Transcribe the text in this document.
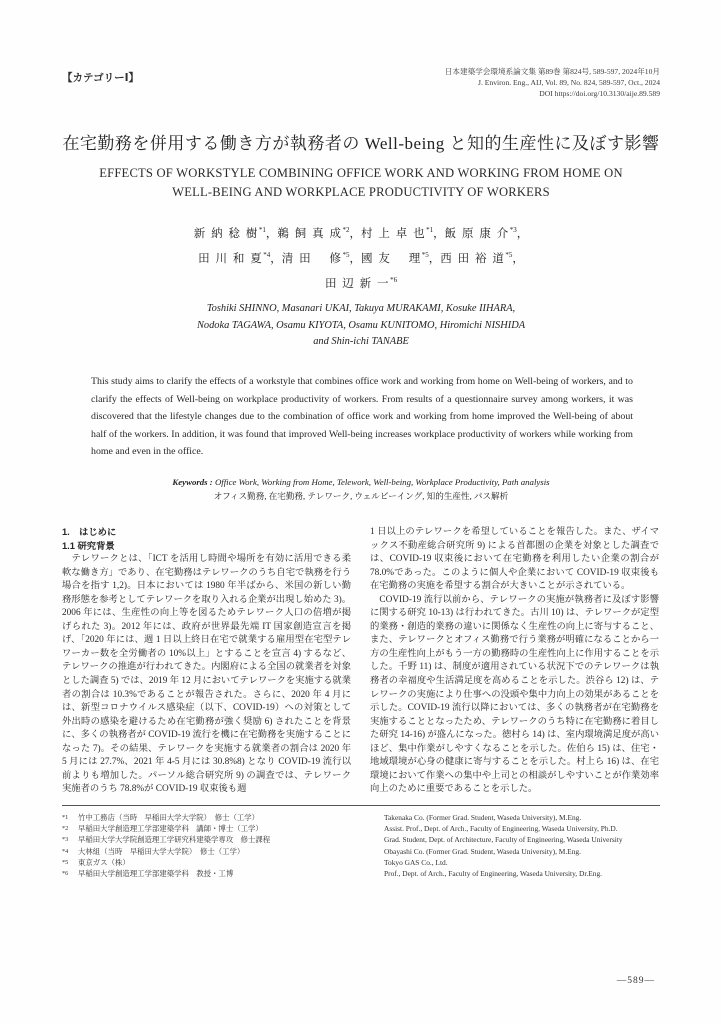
【カテゴリーⅠ】
日本建築学会環境系論文集 第89巻 第824号, 589-597, 2024年10月
J. Environ. Eng., AIJ, Vol. 89, No. 824, 589-597, Oct., 2024
DOI https://doi.org/10.3130/aije.89.589
在宅勤務を併用する働き方が執務者の Well-being と知的生産性に及ぼす影響
EFFECTS OF WORKSTYLE COMBINING OFFICE WORK AND WORKING FROM HOME ON
WELL-BEING AND WORKPLACE PRODUCTIVITY OF WORKERS
新 納 稔 樹$^{*1}$，鵜 飼 真 成$^{*2}$，村 上 卓 也$^{*1}$，飯 原 康 介$^{*3}$，
田 川 和 夏$^{*4}$，清 田　 修$^{*5}$，國 友　 理$^{*5}$，西 田 裕 道$^{*5}$，
田 辺 新 一$^{*6}$
Toshiki SHINNO, Masanari UKAI, Takuya MURAKAMI, Kosuke IIHARA,
Nodoka TAGAWA, Osamu KIYOTA, Osamu KUNITOMO, Hiromichi NISHIDA
and Shin-ichi TANABE
This study aims to clarify the effects of a workstyle that combines office work and working from home on Well-being of workers, and to clarify the effects of Well-being on workplace productivity of workers. From results of a questionnaire survey among workers, it was discovered that the lifestyle changes due to the combination of office work and working from home improved the Well-being of about half of the workers. In addition, it was found that improved Well-being increases workplace productivity of workers while working from home and even in the office.
Keywords : Office Work, Working from Home, Telework, Well-being, Workplace Productivity, Path analysis
オフィス勤務, 在宅勤務, テレワーク, ウェルビーイング, 知的生産性, パス解析
1.　はじめに
1.1 研究背景

　テレワークとは、「ICT を活用し時間や場所を有効に活用できる柔軟な働き方」であり、在宅勤務はテレワークのうち自宅で執務を行う場合を指す 1,2)。日本においては 1980 年半ばから、米国の新しい勤務形態を参考としてテレワークを取り入れる企業が出現し始めた 3)。2006 年には、生産性の向上等を図るためテレワーク人口の倍増が掲げられた 3)。2012 年には、政府が世界最先端 IT 国家創造宣言を掲げ、「2020 年には、週 1 日以上終日在宅で就業する雇用型在宅型テレワーカー数を全労働者の 10%以上」とすることを宣言 4) するなど、テレワークの推進が行われてきた。内閣府による全国の就業者を対象とした調査 5) では、2019 年 12 月においてテレワークを実施する就業者の割合は 10.3%であることが報告された。さらに、2020 年 4 月には、新型コロナウイルス感染症（以下、COVID-19）への対策として外出時の感染を避けるため在宅勤務が強く奨励 6) されたことを背景に、多くの執務者が COVID-19 流行を機に在宅勤務を実施することになった 7)。その結果、テレワークを実施する就業者の割合は 2020 年 5 月には 27.7%、2021 年 4-5 月には 30.8%8) となり COVID-19 流行以前よりも増加した。パーソル総合研究所 9) の調査では、テレワーク実施者のうち 78.8%が COVID-19 収束後も週

1 日以上のテレワークを希望していることを報告した。また、ザイマックス不動産総合研究所 9) による首都圏の企業を対象とした調査では、COVID-19 収束後において在宅勤務を利用したい企業の割合が 78.0%であった。このように個人や企業において COVID-19 収束後も在宅勤務の実施を希望する割合が大きいことが示されている。

　COVID-19 流行以前から、テレワークの実施が執務者に及ぼす影響に関する研究 10-13) は行われてきた。古川 10) は、テレワークが定型的業務・創造的業務の違いに関係なく生産性の向上に寄与すること、また、テレワークとオフィス勤務で行う業務が明確になることから一方の生産性向上がもう一方の勤務時の生産性向上に作用することを示した。千野 11) は、制度が適用されている状況下でのテレワークは執務者の幸福度や生活満足度を高めることを示した。渋谷ら 12) は、テレワークの実施により仕事への没頭や集中力向上の効果があることを示した。COVID-19 流行以降においては、多くの執務者が在宅勤務を実施することとなったため、テレワークのうち特に在宅勤務に着目した研究 14-16) が盛んになった。徳村ら 14) は、室内環境満足度が高いほど、集中作業がしやすくなることを示した。佐伯ら 15) は、住宅・地域環境が心身の健康に寄与することを示した。村上ら 16) は、在宅環境において作業への集中や上司との相談がしやすいことが作業効率向上のために重要であることを示した。

*1	竹中工務店（当時　早稲田大学大学院）　修士（工学）	Takenaka Co. (Former Grad. Student, Waseda University), M.Eng.
*2	早稲田大学創造理工学部建築学科　講師・博士（工学）	Assist. Prof., Dept. of Arch., Faculty of Engineering, Waseda University, Ph.D.
*3	早稲田大学大学院創造理工学研究科建築学専攻　修士課程	Grad. Student, Dept. of Architecture, Faculty of Engineering, Waseda University
*4	大林組（当時　早稲田大学大学院）　修士（工学）	Obayashi Co. (Former Grad. Student, Waseda University), M.Eng.
*5	東京ガス（株）	Tokyo GAS Co., Ltd.
*6	早稲田大学創造理工学部建築学科　教授・工博	Prof., Dept. of Arch., Faculty of Engineering, Waseda University, Dr.Eng.
—589—
